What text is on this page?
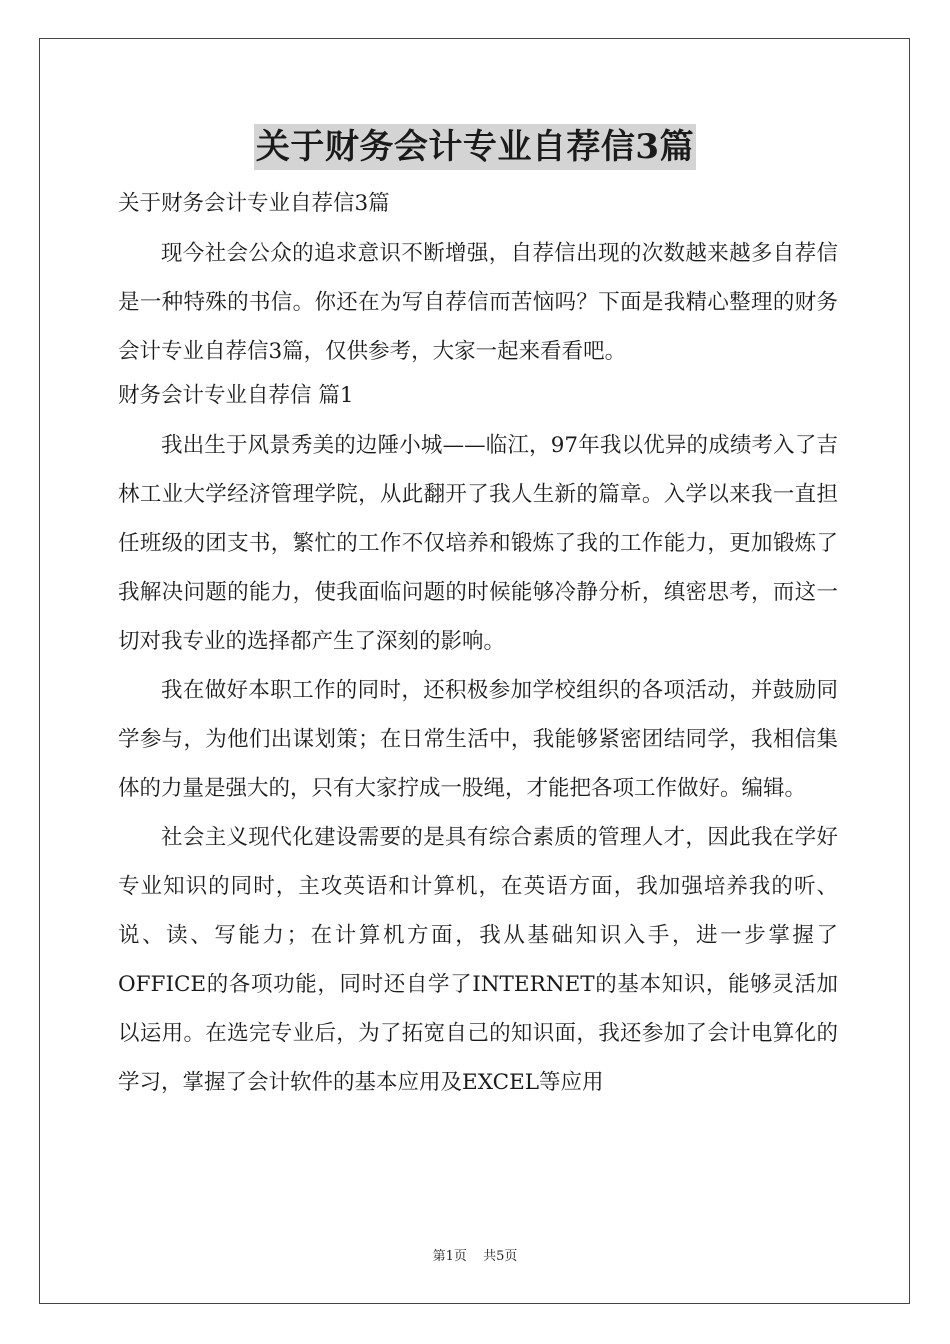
关于财务会计专业自荐信3篇

关于财务会计专业自荐信3篇

现今社会公众的追求意识不断增强，自荐信出现的次数越来越多自荐信是一种特殊的书信。你还在为写自荐信而苦恼吗？下面是我精心整理的财务会计专业自荐信3篇，仅供参考，大家一起来看看吧。

财务会计专业自荐信 篇1

我出生于风景秀美的边陲小城——临江，97年我以优异的成绩考入了吉林工业大学经济管理学院，从此翻开了我人生新的篇章。入学以来我一直担任班级的团支书，繁忙的工作不仅培养和锻炼了我的工作能力，更加锻炼了我解决问题的能力，使我面临问题的时候能够冷静分析，缜密思考，而这一切对我专业的选择都产生了深刻的影响。

我在做好本职工作的同时，还积极参加学校组织的各项活动，并鼓励同学参与，为他们出谋划策；在日常生活中，我能够紧密团结同学，我相信集体的力量是强大的，只有大家拧成一股绳，才能把各项工作做好。编辑。

社会主义现代化建设需要的是具有综合素质的管理人才，因此我在学好专业知识的同时，主攻英语和计算机，在英语方面，我加强培养我的听、说、读、写能力；在计算机方面，我从基础知识入手，进一步掌握了OFFICE的各项功能，同时还自学了INTERNET的基本知识，能够灵活加以运用。在选完专业后，为了拓宽自己的知识面，我还参加了会计电算化的学习，掌握了会计软件的基本应用及EXCEL等应用

第1页 共5页
